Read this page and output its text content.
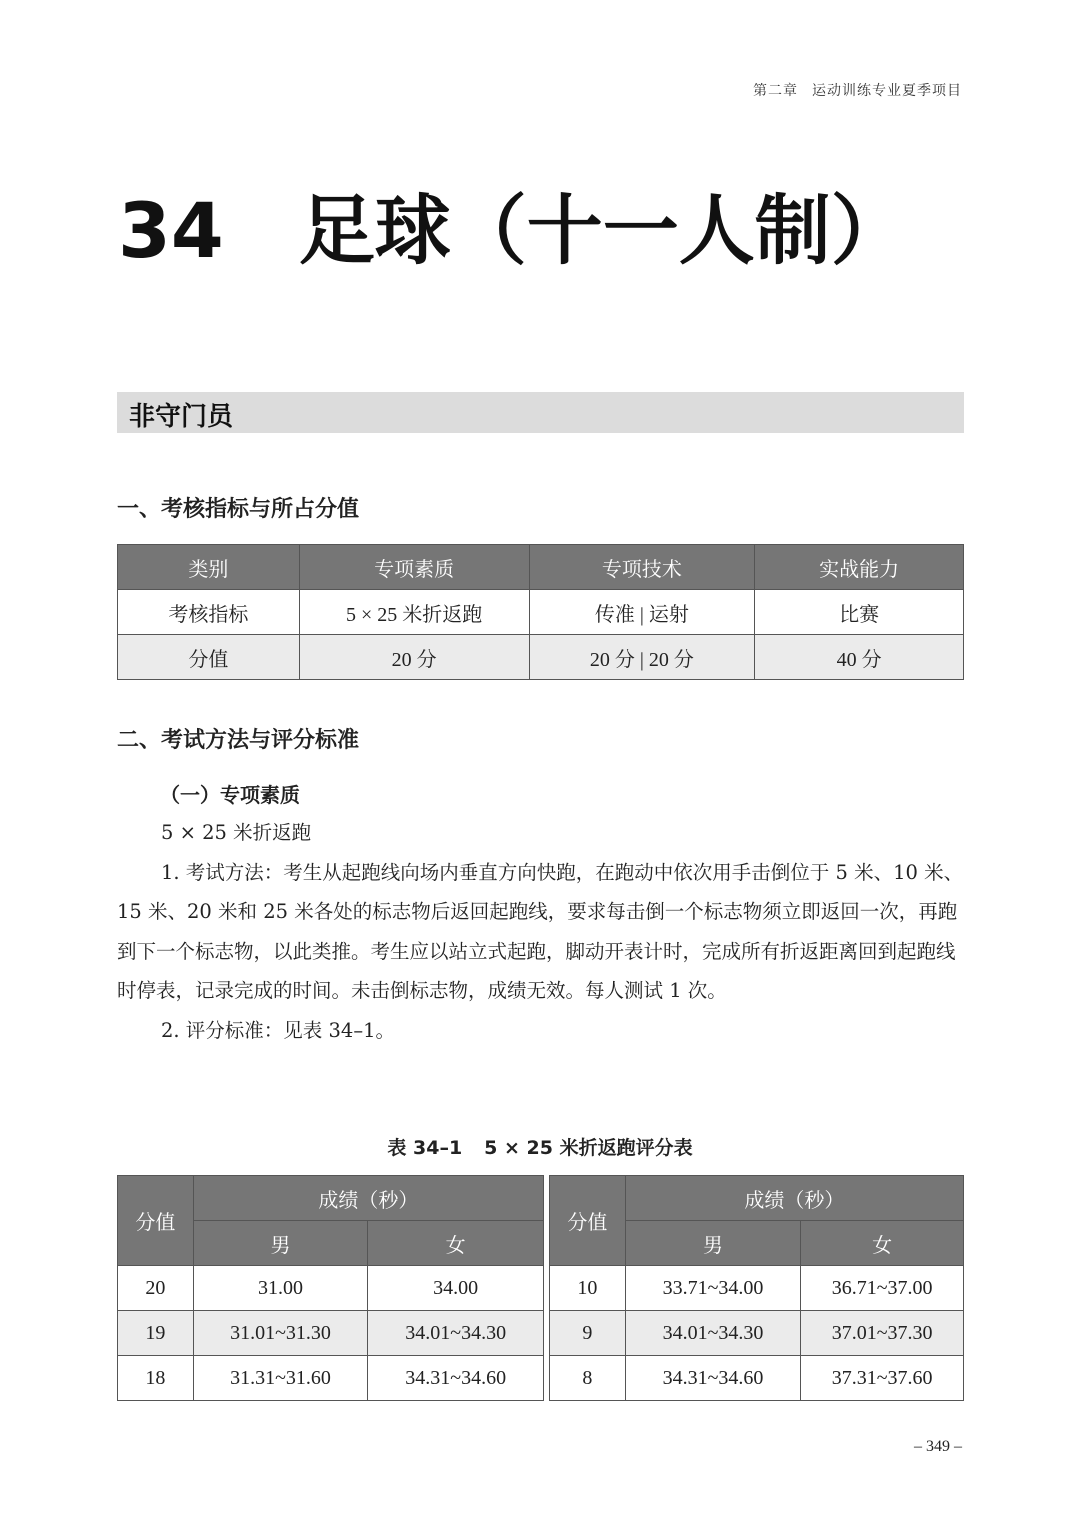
第二章 运动训练专业夏季项目
34 足球（十一人制）
非守门员
一、考核指标与所占分值
类别	专项素质	专项技术	实战能力
考核指标	5 × 25 米折返跑	传准 | 运射	比赛
分值	20 分	20 分 | 20 分	40 分
二、考试方法与评分标准
（一）专项素质

5 × 25 米折返跑

1. 考试方法：考生从起跑线向场内垂直方向快跑，在跑动中依次用手击倒位于 5 米、10 米、15 米、20 米和 25 米各处的标志物后返回起跑线，要求每击倒一个标志物须立即返回一次，再跑到下一个标志物，以此类推。考生应以站立式起跑，脚动开表计时，完成所有折返距离回到起跑线时停表，记录完成的时间。未击倒标志物，成绩无效。每人测试 1 次。

2. 评分标准：见表 34–1。

表 34–1 5 × 25 米折返跑评分表
分值	成绩（秒）	
	男	女
20	31.00	34.00
19	31.01~31.30	34.01~34.30
18	31.31~31.60	34.31~34.60
分值	成绩（秒）	
	男	女
10	33.71~34.00	36.71~37.00
9	34.01~34.30	37.01~37.30
8	34.31~34.60	37.31~37.60
– 349 –
